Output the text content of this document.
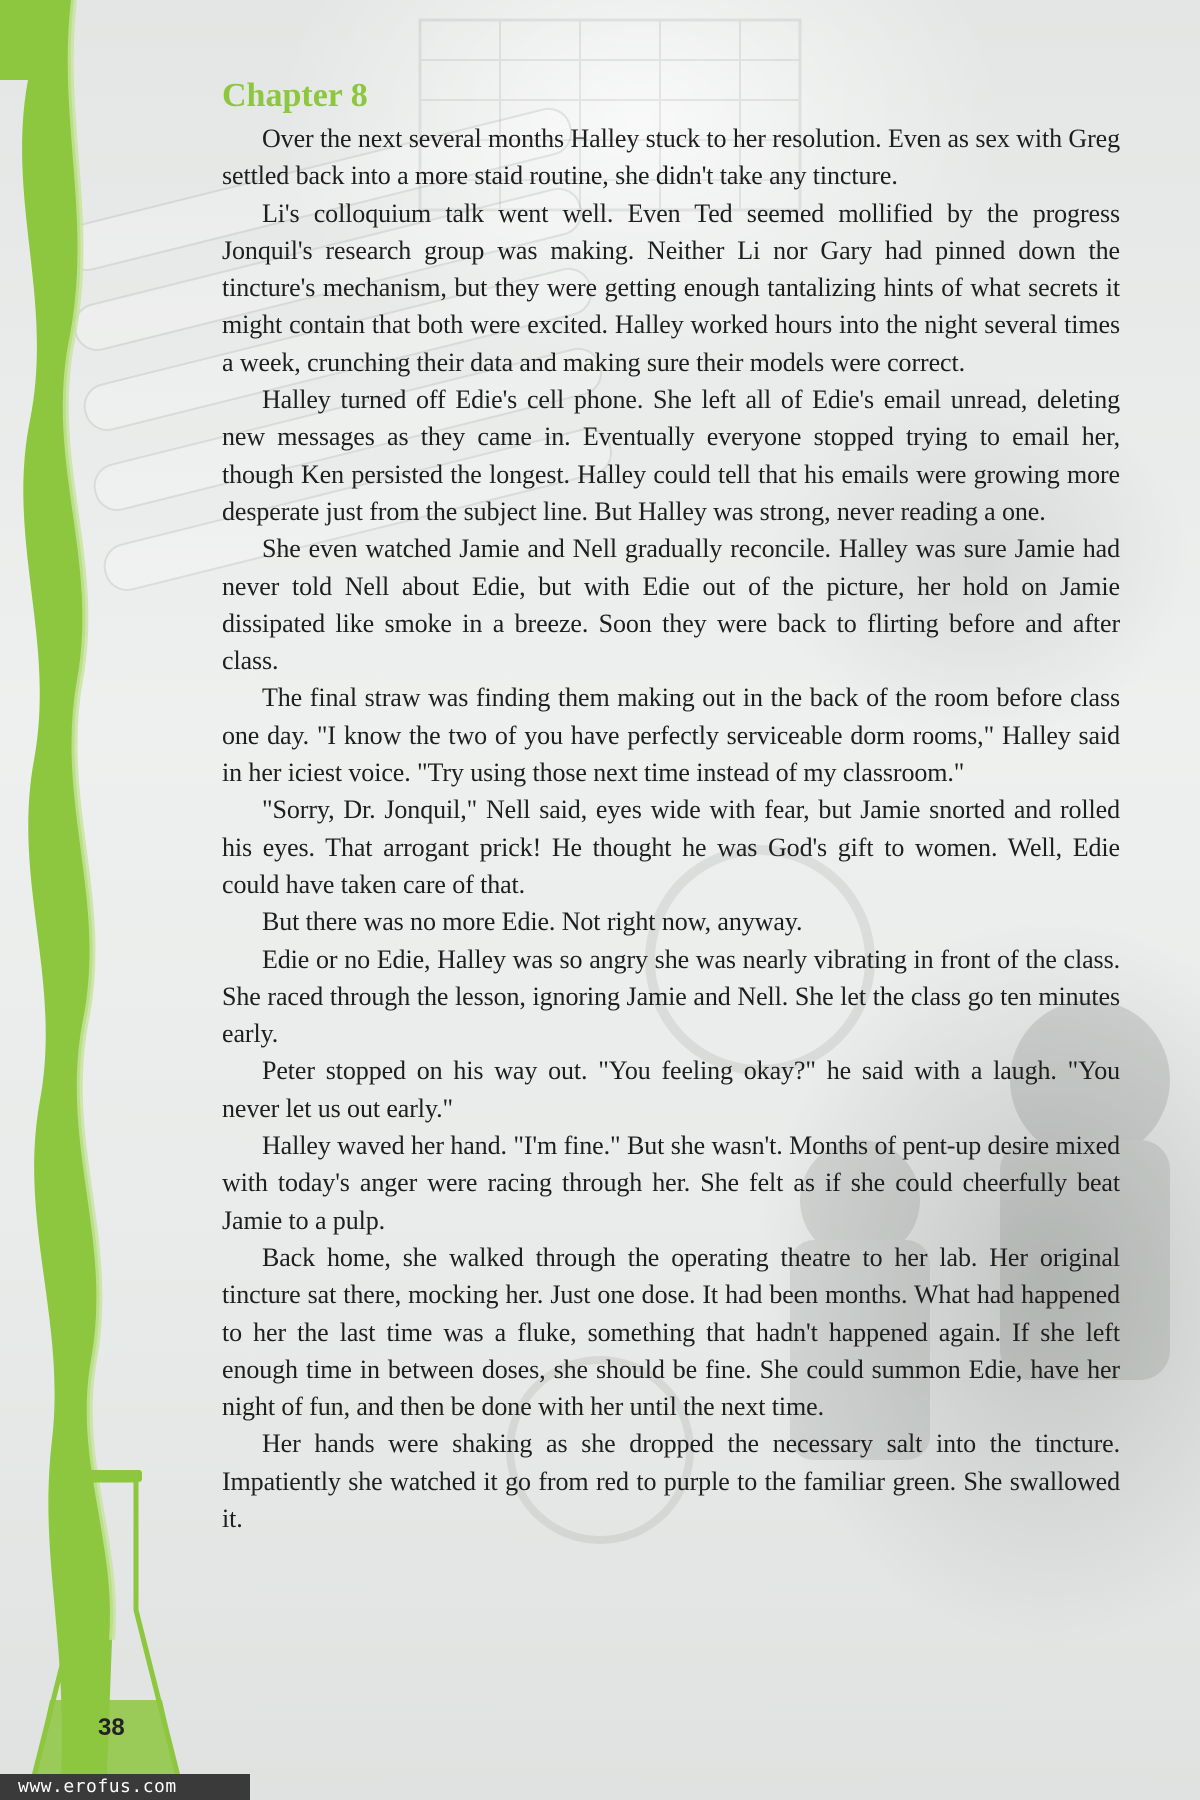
Chapter 8

Over the next several months Halley stuck to her resolution. Even as sex with Greg settled back into a more staid routine, she didn't take any tincture.

Li's colloquium talk went well. Even Ted seemed mollified by the progress Jonquil's research group was making. Neither Li nor Gary had pinned down the tincture's mechanism, but they were getting enough tantalizing hints of what secrets it might contain that both were excited. Halley worked hours into the night several times a week, crunching their data and making sure their models were correct.

Halley turned off Edie's cell phone. She left all of Edie's email unread, deleting new messages as they came in. Eventually everyone stopped trying to email her, though Ken persisted the longest. Halley could tell that his emails were growing more desperate just from the subject line. But Halley was strong, never reading a one.

She even watched Jamie and Nell gradually reconcile. Halley was sure Jamie had never told Nell about Edie, but with Edie out of the picture, her hold on Jamie dissipated like smoke in a breeze. Soon they were back to flirting before and after class.

The final straw was finding them making out in the back of the room before class one day. "I know the two of you have perfectly serviceable dorm rooms," Halley said in her iciest voice. "Try using those next time instead of my classroom."

"Sorry, Dr. Jonquil," Nell said, eyes wide with fear, but Jamie snorted and rolled his eyes. That arrogant prick! He thought he was God's gift to women. Well, Edie could have taken care of that.

But there was no more Edie. Not right now, anyway.

Edie or no Edie, Halley was so angry she was nearly vibrating in front of the class. She raced through the lesson, ignoring Jamie and Nell. She let the class go ten minutes early.

Peter stopped on his way out. "You feeling okay?" he said with a laugh. "You never let us out early."

Halley waved her hand. "I'm fine." But she wasn't. Months of pent-up desire mixed with today's anger were racing through her. She felt as if she could cheerfully beat Jamie to a pulp.

Back home, she walked through the operating theatre to her lab. Her original tincture sat there, mocking her. Just one dose. It had been months. What had happened to her the last time was a fluke, something that hadn't happened again. If she left enough time in between doses, she should be fine. She could summon Edie, have her night of fun, and then be done with her until the next time.

Her hands were shaking as she dropped the necessary salt into the tincture. Impatiently she watched it go from red to purple to the familiar green. She swallowed it.

38
www.erofus.com
